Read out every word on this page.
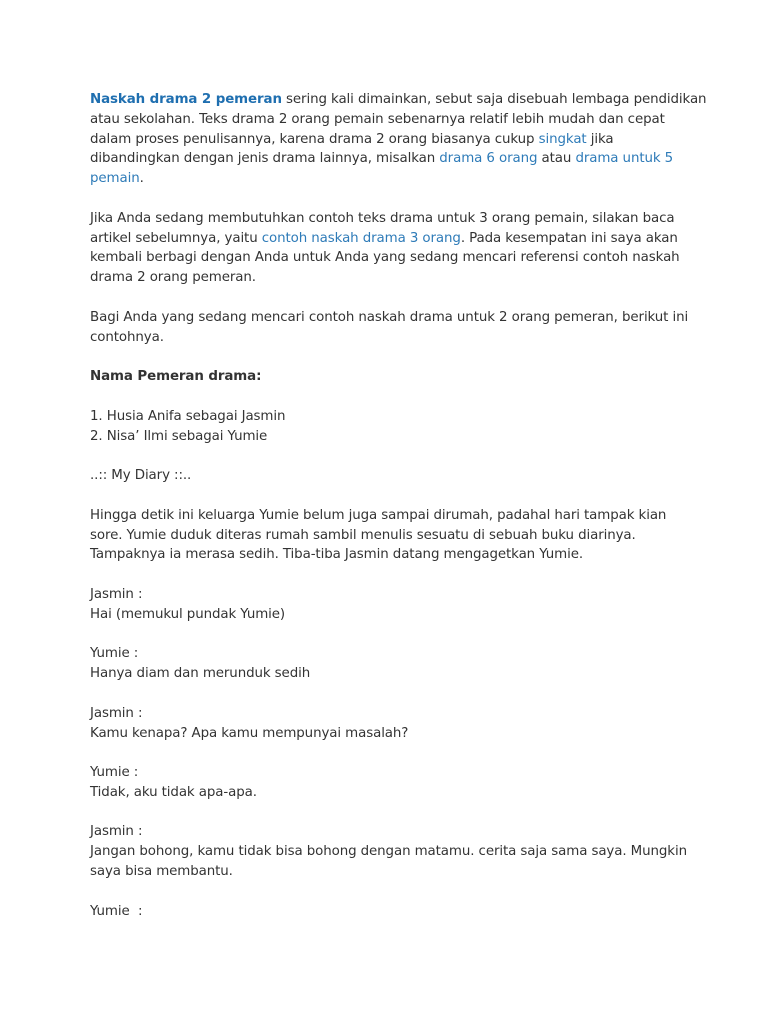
Naskah drama 2 pemeran sering kali dimainkan, sebut saja disebuah lembaga pendidikan
atau sekolahan. Teks drama 2 orang pemain sebenarnya relatif lebih mudah dan cepat
dalam proses penulisannya, karena drama 2 orang biasanya cukup singkat jika
dibandingkan dengan jenis drama lainnya, misalkan drama 6 orang atau drama untuk 5
pemain.
Jika Anda sedang membutuhkan contoh teks drama untuk 3 orang pemain, silakan baca
artikel sebelumnya, yaitu contoh naskah drama 3 orang. Pada kesempatan ini saya akan
kembali berbagi dengan Anda untuk Anda yang sedang mencari referensi contoh naskah
drama 2 orang pemeran.
Bagi Anda yang sedang mencari contoh naskah drama untuk 2 orang pemeran, berikut ini
contohnya.
Nama Pemeran drama:
1. Husia Anifa sebagai Jasmin
2. Nisa’ Ilmi sebagai Yumie
..:: My Diary ::..
Hingga detik ini keluarga Yumie belum juga sampai dirumah, padahal hari tampak kian
sore. Yumie duduk diteras rumah sambil menulis sesuatu di sebuah buku diarinya.
Tampaknya ia merasa sedih. Tiba-tiba Jasmin datang mengagetkan Yumie.
Jasmin :
Hai (memukul pundak Yumie)
Yumie :
Hanya diam dan merunduk sedih
Jasmin :
Kamu kenapa? Apa kamu mempunyai masalah?
Yumie :
Tidak, aku tidak apa-apa.
Jasmin :
Jangan bohong, kamu tidak bisa bohong dengan matamu. cerita saja sama saya. Mungkin
saya bisa membantu.
Yumie  :
